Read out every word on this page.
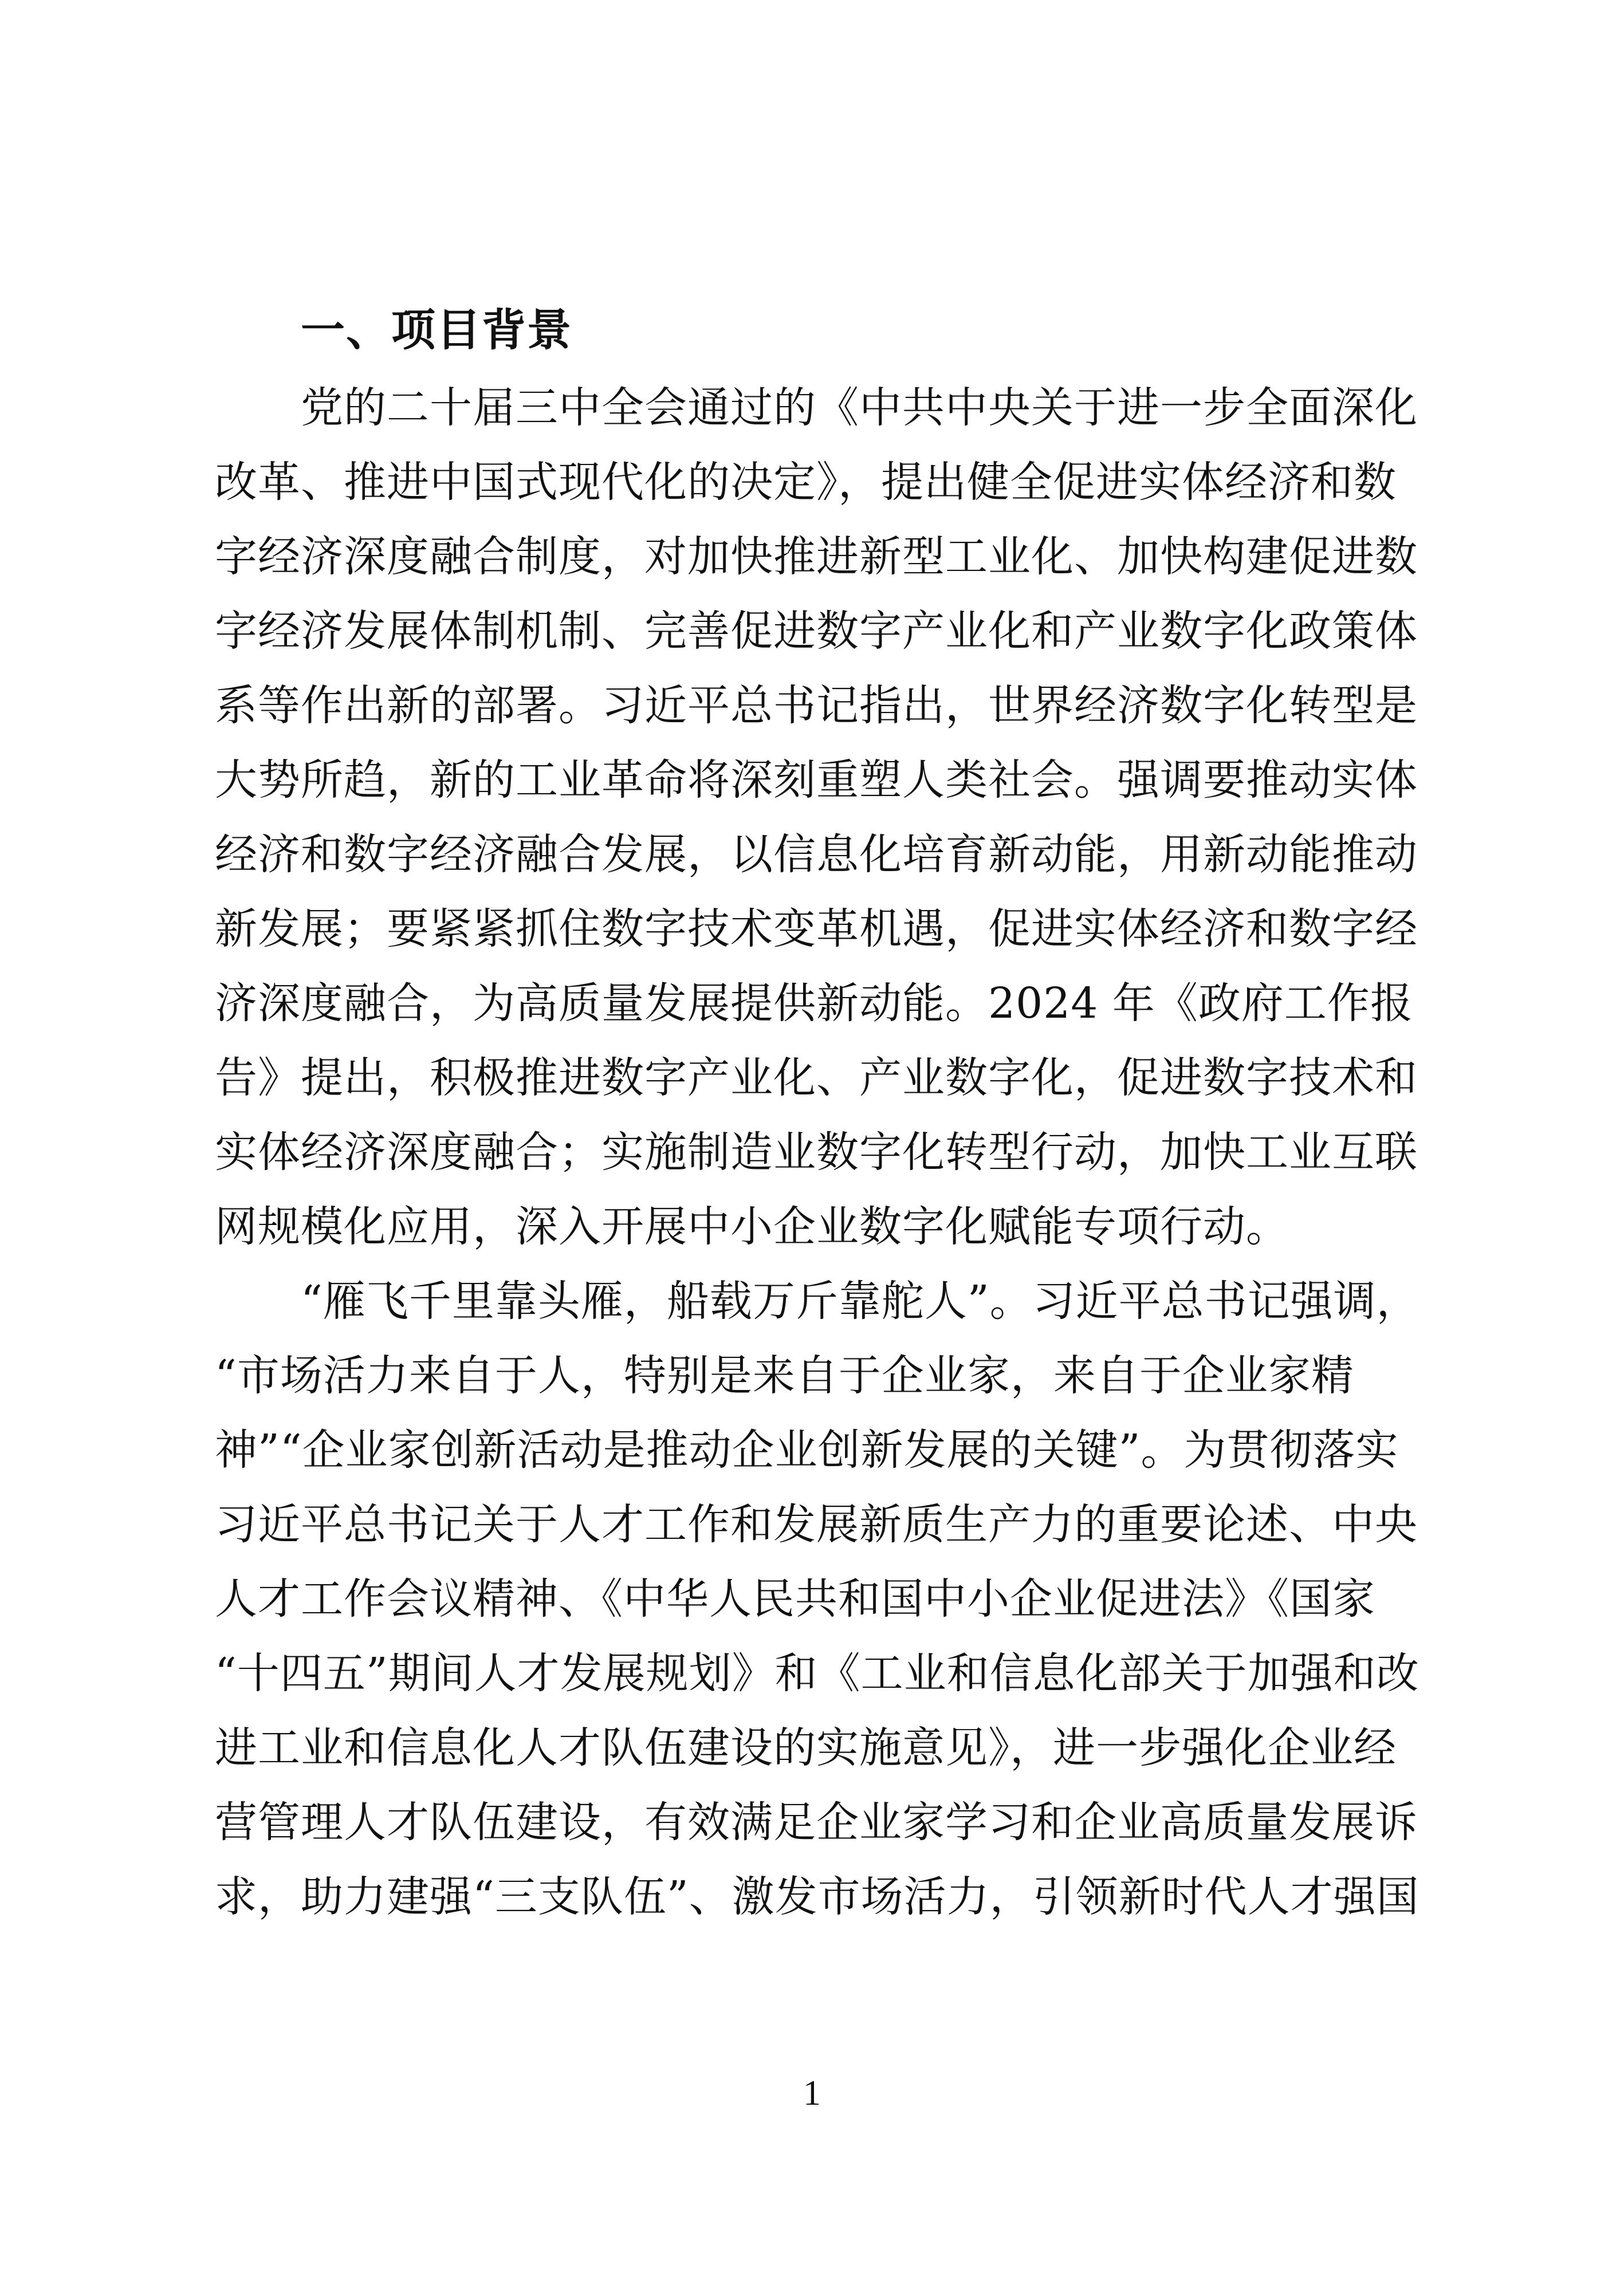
一、项目背景

党的二十届三中全会通过的《中共中央关于进一步全面深化

改革、推进中国式现代化的决定》，提出健全促进实体经济和数

字经济深度融合制度，对加快推进新型工业化、加快构建促进数

字经济发展体制机制、完善促进数字产业化和产业数字化政策体

系等作出新的部署。习近平总书记指出，世界经济数字化转型是

大势所趋，新的工业革命将深刻重塑人类社会。强调要推动实体

经济和数字经济融合发展，以信息化培育新动能，用新动能推动

新发展；要紧紧抓住数字技术变革机遇，促进实体经济和数字经

济深度融合，为高质量发展提供新动能。2024 年《政府工作报

告》提出，积极推进数字产业化、产业数字化，促进数字技术和

实体经济深度融合；实施制造业数字化转型行动，加快工业互联

网规模化应用，深入开展中小企业数字化赋能专项行动。

“雁飞千里靠头雁，船载万斤靠舵人”。习近平总书记强调，

“市场活力来自于人，特别是来自于企业家，来自于企业家精

神”“企业家创新活动是推动企业创新发展的关键”。为贯彻落实

习近平总书记关于人才工作和发展新质生产力的重要论述、中央

人才工作会议精神、《中华人民共和国中小企业促进法》《国家

“十四五”期间人才发展规划》和《工业和信息化部关于加强和改

进工业和信息化人才队伍建设的实施意见》，进一步强化企业经

营管理人才队伍建设，有效满足企业家学习和企业高质量发展诉

求，助力建强“三支队伍”、激发市场活力，引领新时代人才强国

1
